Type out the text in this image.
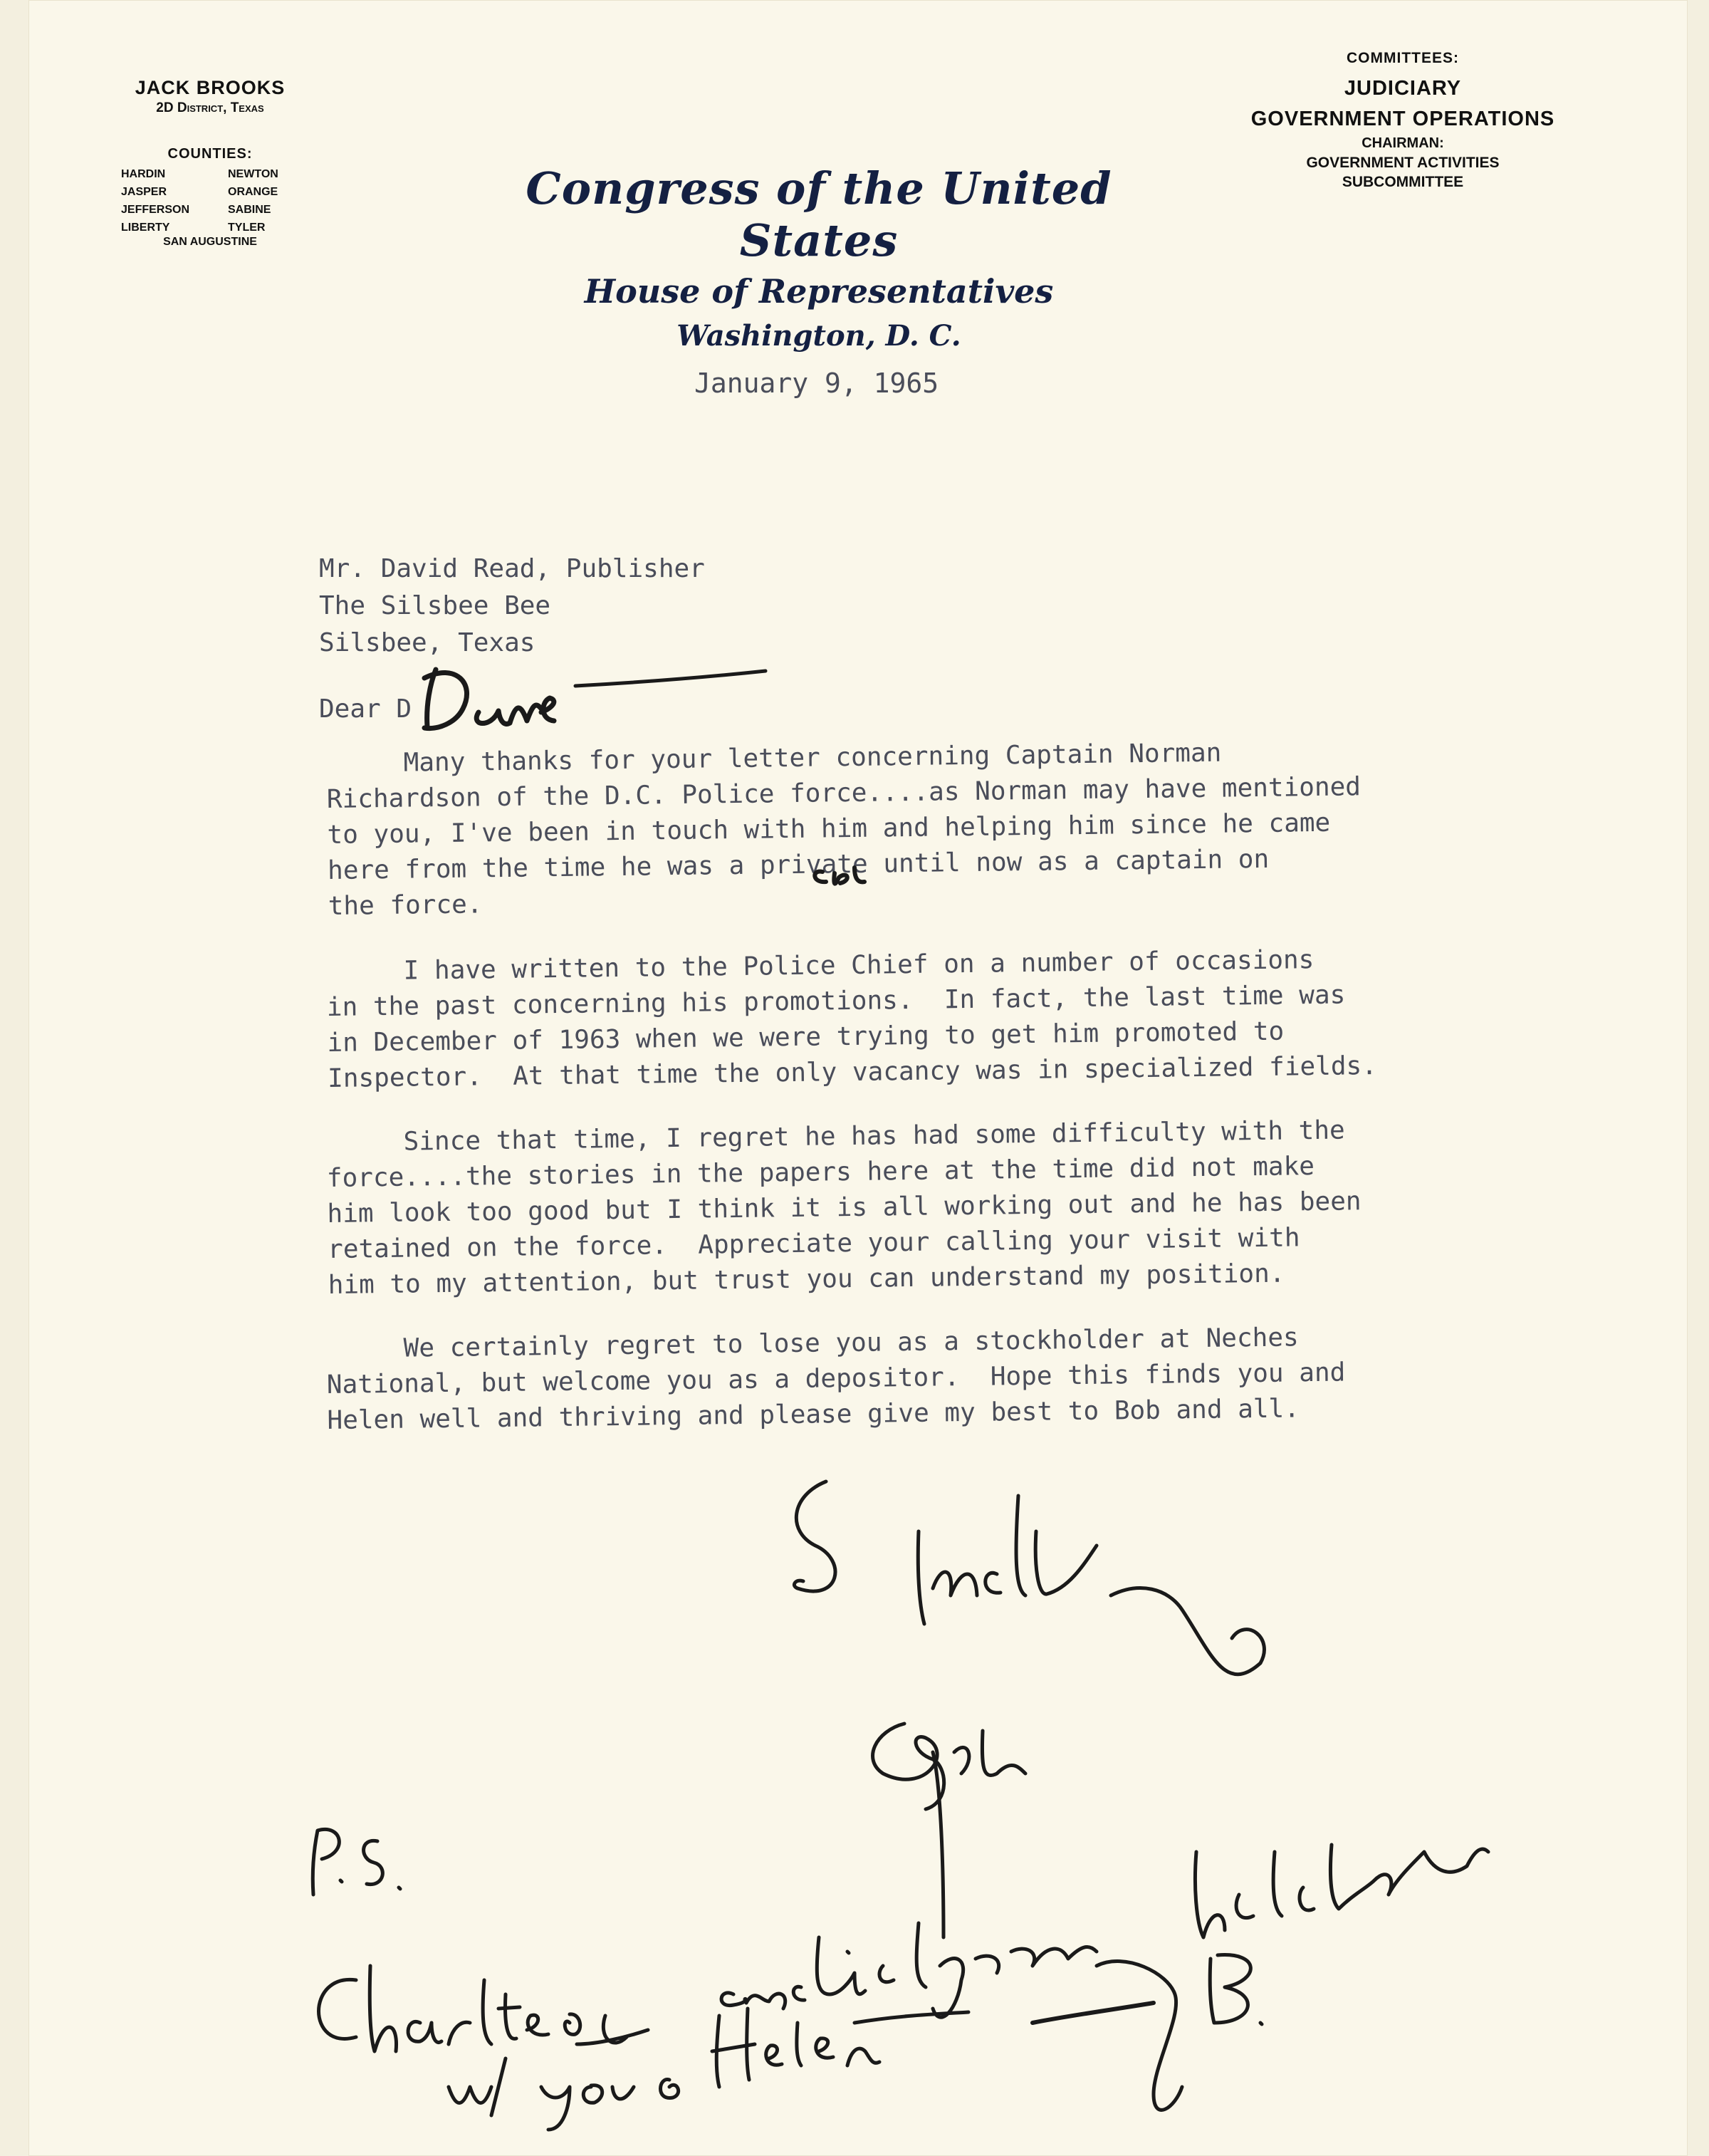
JACK BROOKS
2D District, Texas
COUNTIES:
HARDIN
JASPER
JEFFERSON
LIBERTY
NEWTON
ORANGE
SABINE
TYLER
SAN AUGUSTINE
Congress of the United States
House of Representatives
Washington, D. C.
COMMITTEES:
JUDICIARY
GOVERNMENT OPERATIONS
CHAIRMAN:
GOVERNMENT ACTIVITIES
SUBCOMMITTEE
January 9, 1965
Mr. David Read, Publisher
The Silsbee Bee
Silsbee, Texas
Dear D
Many thanks for your letter concerning Captain Norman
Richardson of the D.C. Police force....as Norman may have mentioned
to you, I've been in touch with him and helping him since he came
here from the time he was a private until now as a captain on
the force.
I have written to the Police Chief on a number of occasions
in the past concerning his promotions.  In fact, the last time was
in December of 1963 when we were trying to get him promoted to
Inspector.  At that time the only vacancy was in specialized fields.
Since that time, I regret he has had some difficulty with the
force....the stories in the papers here at the time did not make
him look too good but I think it is all working out and he has been
retained on the force.  Appreciate your calling your visit with
him to my attention, but trust you can understand my position.
We certainly regret to lose you as a stockholder at Neches
National, but welcome you as a depositor.  Hope this finds you and
Helen well and thriving and please give my best to Bob and all.
